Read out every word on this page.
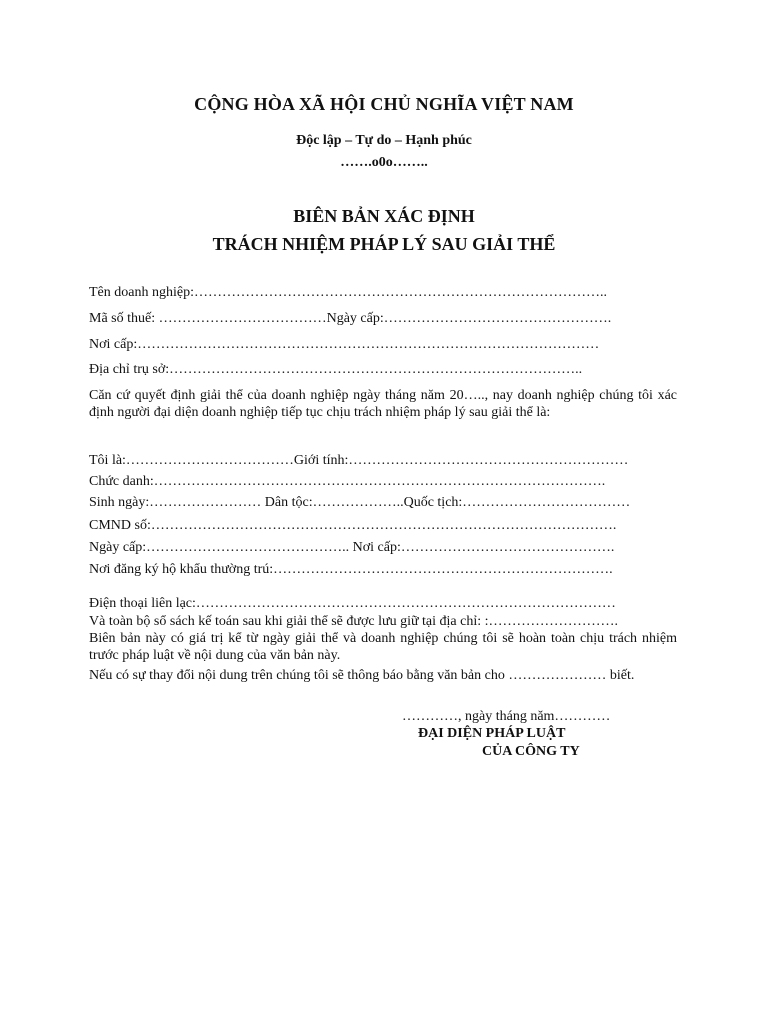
CỘNG HÒA XÃ HỘI CHỦ NGHĨA VIỆT NAM
Độc lập – Tự do – Hạnh phúc
…….o0o……..
BIÊN BẢN XÁC ĐỊNH
TRÁCH NHIỆM PHÁP LÝ SAU GIẢI THỂ
Tên doanh nghiệp:……………………………………………………………………………..
Mã số thuế: ………………………………Ngày cấp:………………………………………….
Nơi cấp:………………………………………………………………………………………
Địa chỉ trụ sở:……………………………………………………………………………..
Căn cứ quyết định giải thể của doanh nghiệp ngày tháng năm 20….., nay doanh nghiệp chúng tôi xác định người đại diện doanh nghiệp tiếp tục chịu trách nhiệm pháp lý sau giải thể là:
Tôi là:………………………………Giới tính:……………………………………………………
Chức danh:…………………………………………………………………………………….
Sinh ngày:…………………… Dân tộc:………………..Quốc tịch:………………………………
CMND số:……………………………………………………………………………………….
Ngày cấp:…………………………………….. Nơi cấp:……………………………………….
Nơi đăng ký hộ khẩu thường trú:……………………………………………………………….
Điện thoại liên lạc:………………………………………………………………………………
Và toàn bộ sổ sách kế toán sau khi giải thể sẽ được lưu giữ tại địa chỉ: :……………………….
Biên bản này có giá trị kể từ ngày giải thể và doanh nghiệp chúng tôi sẽ hoàn toàn chịu trách nhiệm trước pháp luật về nội dung của văn bản này.
Nếu có sự thay đổi nội dung trên chúng tôi sẽ thông báo bằng văn bản cho ………………… biết.
…………, ngày tháng năm…………
ĐẠI DIỆN PHÁP LUẬT
CỦA CÔNG TY
